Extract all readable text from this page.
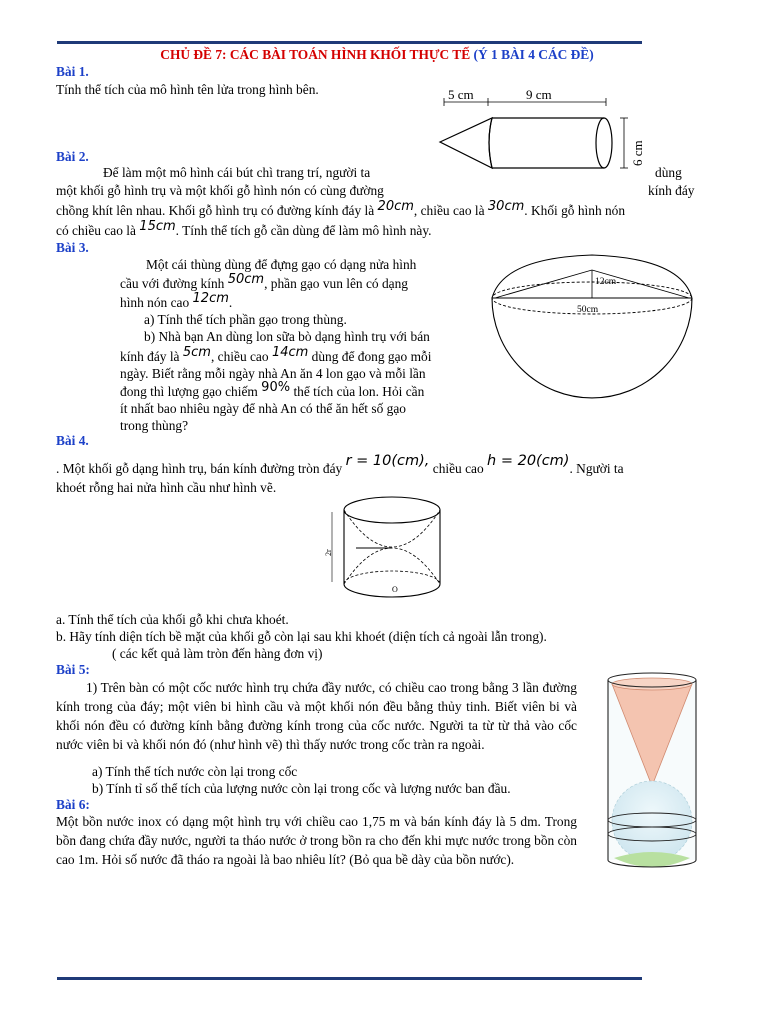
CHỦ ĐỀ 7: CÁC BÀI TOÁN HÌNH KHỐI THỰC TẾ (Ý 1 BÀI 4 CÁC ĐỀ)
Bài 1.
Tính thể tích của mô hình tên lửa trong hình bên.	5 cm	9 cm
6 cm
Bài 2.
Để làm một mô hình cái bút chì trang trí, người ta	dùng
một khối gỗ hình trụ và một khối gỗ hình nón có cùng đường	kính đáy
chồng khít lên nhau. Khối gỗ hình trụ có đường kính đáy là 20cm, chiều cao là 30cm. Khối gỗ hình nón
có chiều cao là 15cm. Tính thể tích gỗ cần dùng để làm mô hình này.
Bài 3.
Một cái thùng dùng để đựng gạo có dạng nửa hình
cầu với đường kính 50cm, phần gạo vun lên có dạng
hình nón cao 12cm.
a) Tính thể tích phần gạo trong thùng.
b) Nhà bạn An dùng lon sữa bò dạng hình trụ với bán
kính đáy là 5cm, chiều cao 14cm dùng để đong gạo mỗi
ngày. Biết rằng mỗi ngày nhà An ăn 4 lon gạo và mỗi lần
đong thì lượng gạo chiếm 90% thể tích của lon. Hỏi cần
ít nhất bao nhiêu ngày để nhà An có thể ăn hết số gạo
trong thùng?
12cm
50cm
Bài 4.
. Một khối gỗ dạng hình trụ, bán kính đường tròn đáy r = 10(cm), chiều cao h = 20(cm). Người ta
khoét rỗng hai nửa hình cầu như hình vẽ.
2r
O
a. Tính thể tích của khối gỗ khi chưa khoét.
b. Hãy tính diện tích bề mặt của khối gỗ còn lại sau khi khoét (diện tích cả ngoài lẫn trong).
( các kết quả làm tròn đến hàng đơn vị)
Bài 5:
1) Trên bàn có một cốc nước hình trụ chứa đầy nước, có chiều cao trong bằng 3 lần đường kính trong của đáy; một viên bi hình cầu và một khối nón đều bằng thủy tinh. Biết viên bi và khối nón đều có đường kính bằng đường kính trong của cốc nước. Người ta từ từ thả vào cốc nước viên bi và khối nón đó (như hình vẽ) thì thấy nước trong cốc tràn ra ngoài.
a) Tính thể tích nước còn lại trong cốc
b) Tính tỉ số thể tích của lượng nước còn lại trong cốc và lượng nước ban đầu.
Bài 6:
Một bồn nước inox có dạng một hình trụ với chiều cao 1,75 m và bán kính đáy là 5 dm. Trong bồn đang chứa đầy nước, người ta tháo nước ở trong bồn ra cho đến khi mực nước trong bồn còn cao 1m. Hỏi số nước đã tháo ra ngoài là bao nhiêu lít? (Bỏ qua bề dày của bồn nước).
